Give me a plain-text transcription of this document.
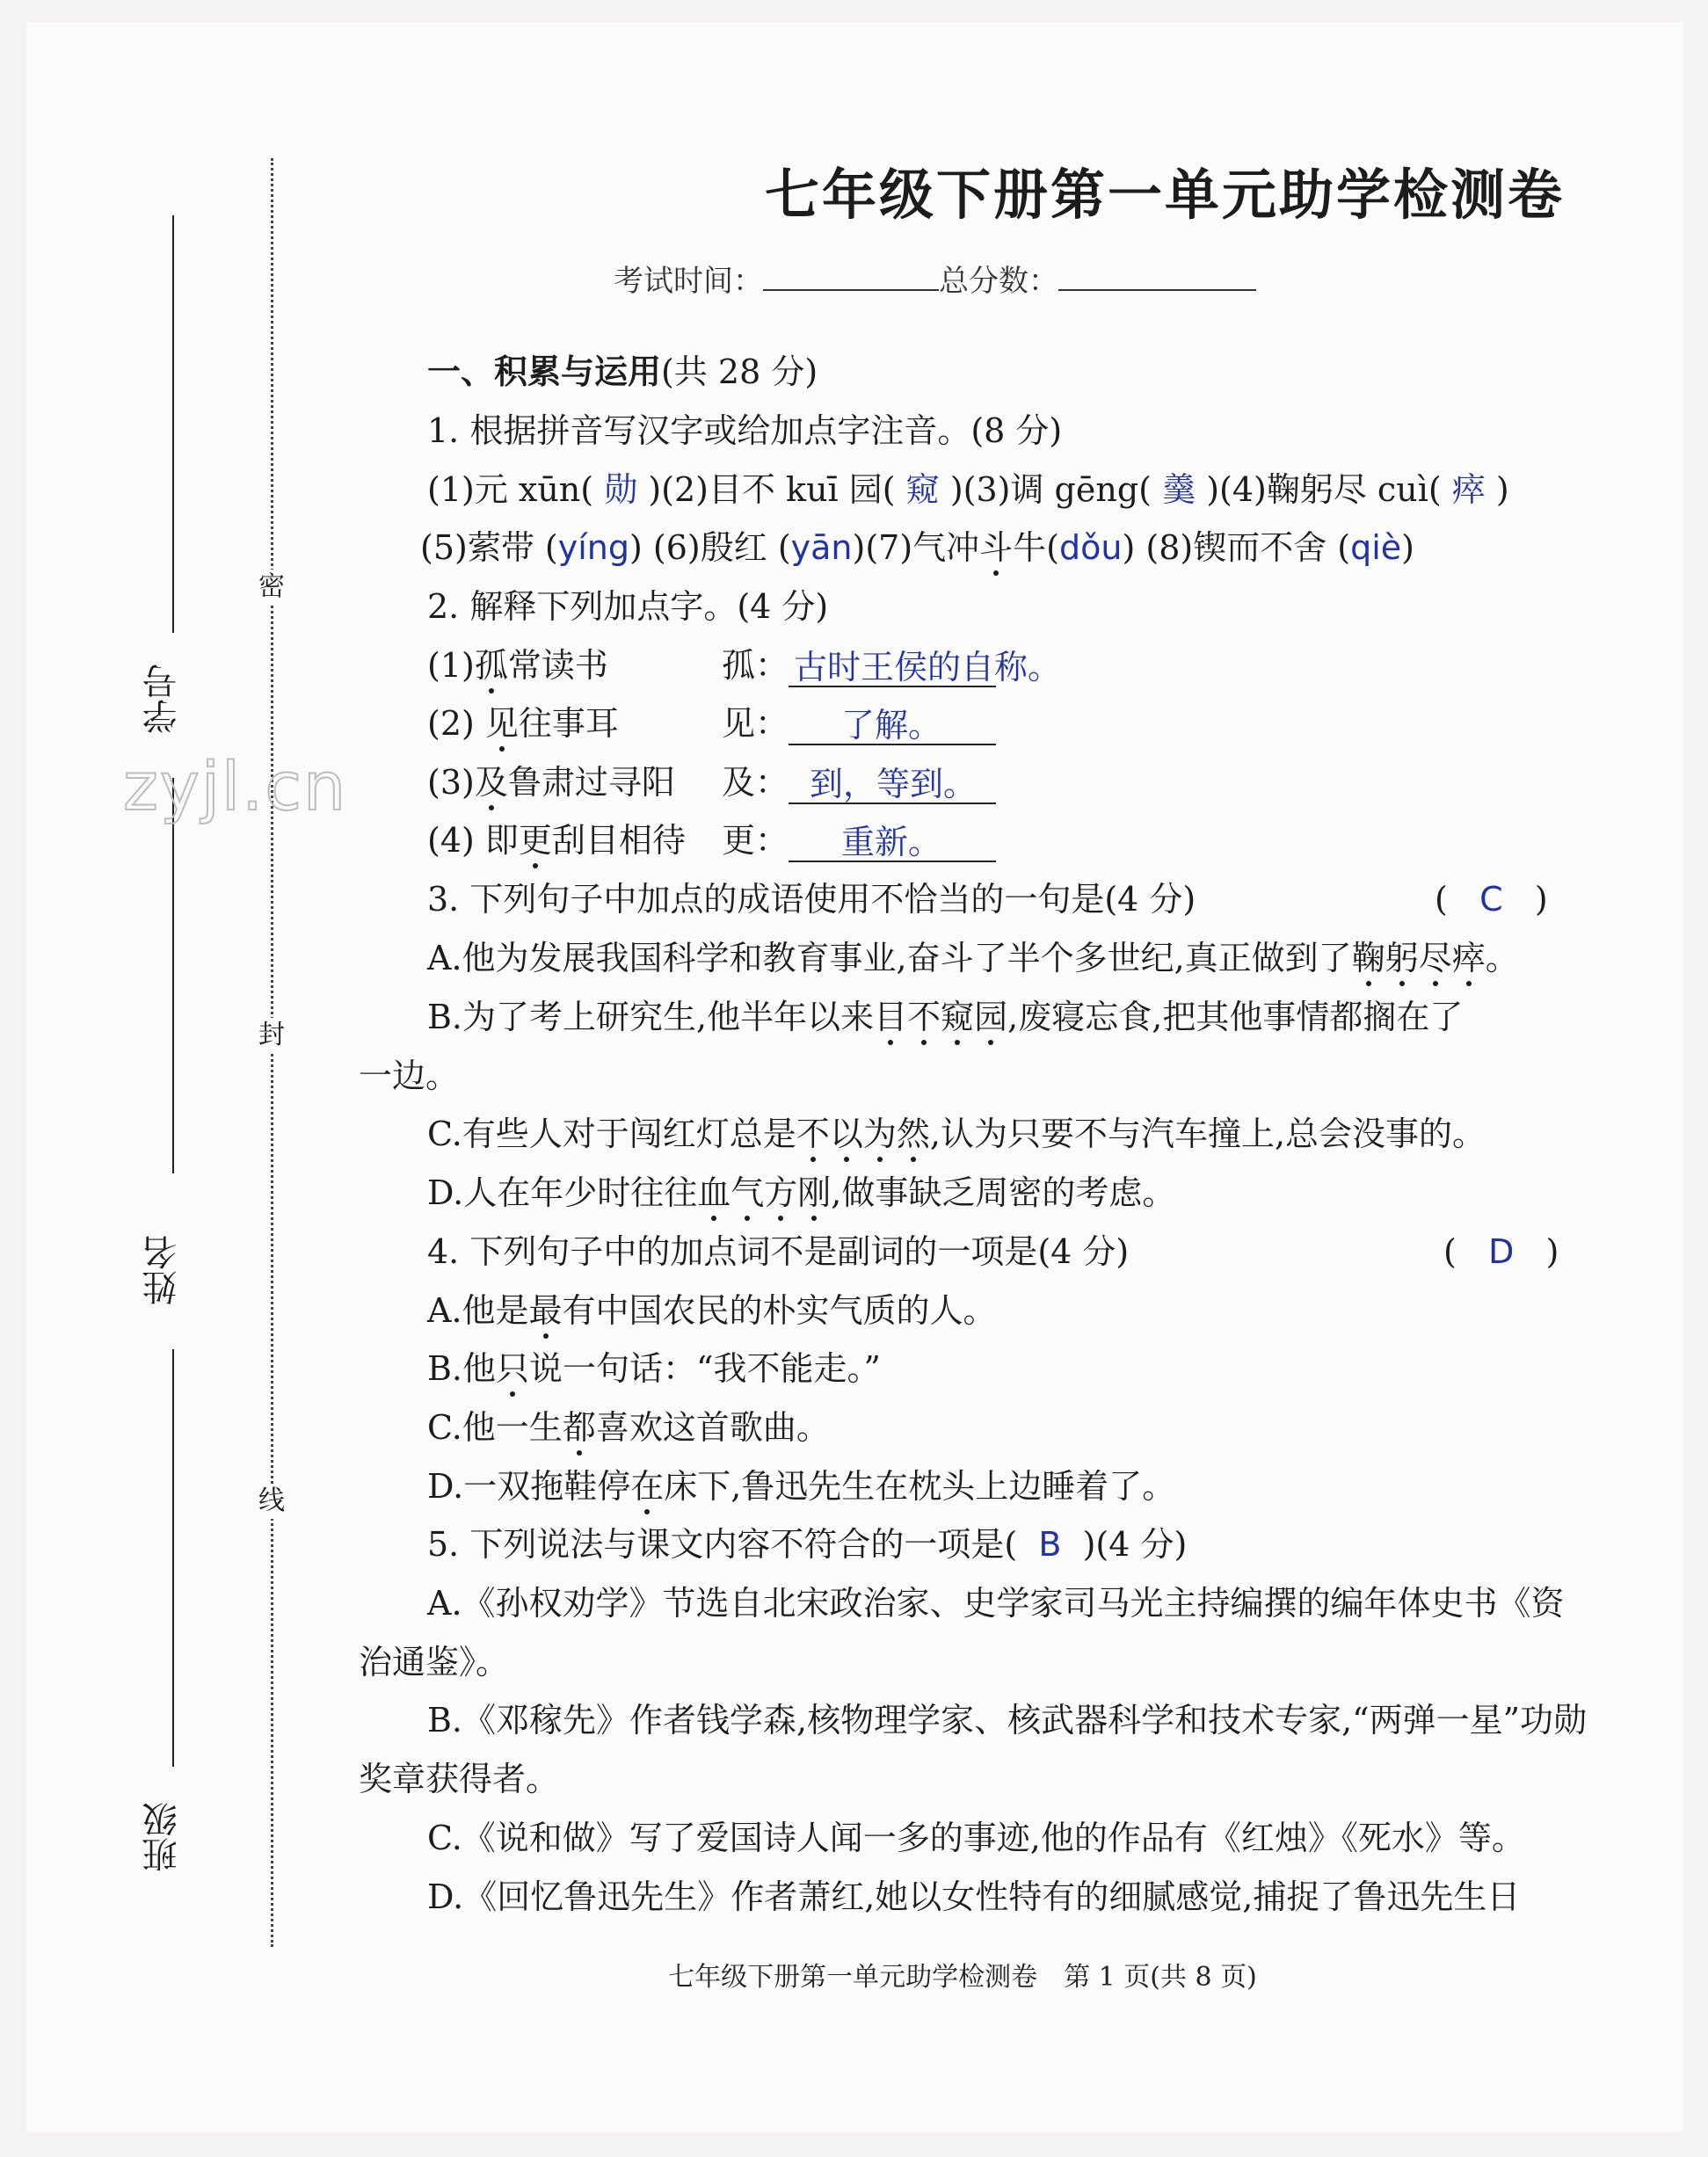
密
封
线
学号
姓名
班级
zyjl.cn
七年级下册第一单元助学检测卷
考试时间：	总分数：
一、积累与运用(共 28 分)
1. 根据拼音写汉字或给加点字注音。(8 分)
(1)元 xūn( 勋 )(2)目不 kuī 园( 窥 )(3)调 gēng( 羹 )(4)鞠躬尽 cuì( 瘁 )
(5)萦带 (yíng) (6)殷红 (yān)(7)气冲斗牛(dǒu) (8)锲而不舍 (qiè)
2. 解释下列加点字。(4 分)
(1)孤常读书	孤： 古时王侯的自称。
(2) 见往事耳	见： 了解。
(3)及鲁肃过寻阳 及： 到，等到。
(4) 即更刮目相待 更： 重新。
3. 下列句子中加点的成语使用不恰当的一句是(4 分)	(   C   )
A.他为发展我国科学和教育事业,奋斗了半个多世纪,真正做到了鞠躬尽瘁。
B.为了考上研究生,他半年以来目不窥园,废寝忘食,把其他事情都搁在了
一边。
C.有些人对于闯红灯总是不以为然,认为只要不与汽车撞上,总会没事的。
D.人在年少时往往血气方刚,做事缺乏周密的考虑。
4. 下列句子中的加点词不是副词的一项是(4 分)	(   D   )
A.他是最有中国农民的朴实气质的人。
B.他只说一句话：“我不能走。”
C.他一生都喜欢这首歌曲。
D.一双拖鞋停在床下,鲁迅先生在枕头上边睡着了。
5. 下列说法与课文内容不符合的一项是( B )(4 分)
A.《孙权劝学》节选自北宋政治家、史学家司马光主持编撰的编年体史书《资
治通鉴》。
B.《邓稼先》作者钱学森,核物理学家、核武器科学和技术专家,“两弹一星”功勋
奖章获得者。
C.《说和做》写了爱国诗人闻一多的事迹,他的作品有《红烛》《死水》等。
D.《回忆鲁迅先生》作者萧红,她以女性特有的细腻感觉,捕捉了鲁迅先生日
七年级下册第一单元助学检测卷　第 1 页(共 8 页)
